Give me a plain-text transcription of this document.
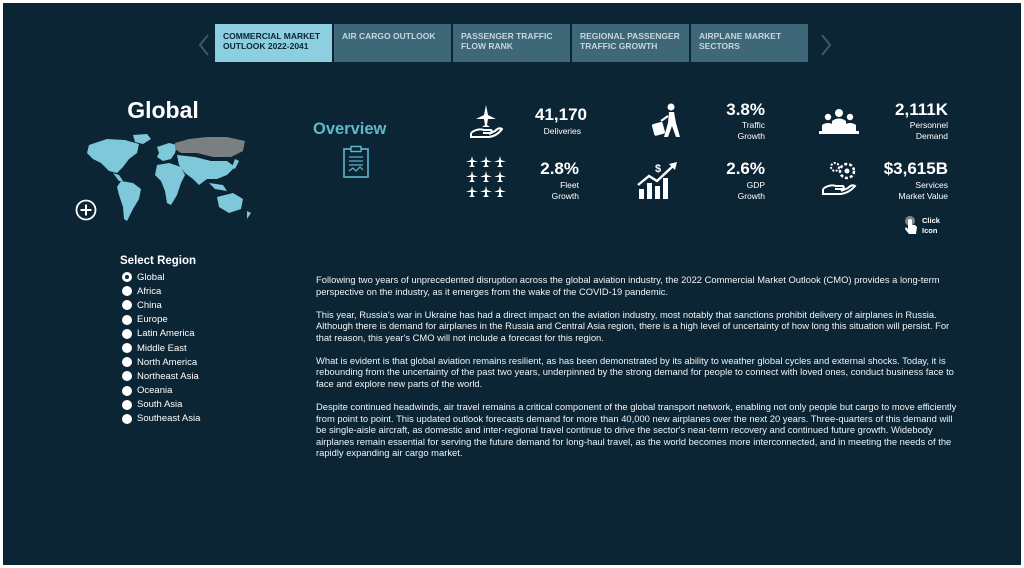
COMMERCIAL MARKET OUTLOOK 2022-2041
AIR CARGO OUTLOOK	PASSENGER TRAFFIC FLOW RANK
REGIONAL PASSENGER TRAFFIC GROWTH
AIRPLANE MARKET SECTORS
Global
Select Region
Global
Africa
China
Europe
Latin America
Middle East
North America
Northeast Asia
Oceania
South Asia
Southeast Asia
Overview
41,170
Deliveries
3.8%
Traffic
Growth
2,111K
Personnel
Demand
2.8%
Fleet
Growth
$	2.6%
GDP
Growth
$3,615B
Services
Market Value
Click
Icon

Following two years of unprecedented disruption across the global aviation industry, the 2022 Commercial Market Outlook (CMO) provides a long-term perspective on the industry, as it emerges from the wake of the COVID-19 pandemic.

This year, Russia's war in Ukraine has had a direct impact on the aviation industry, most notably that sanctions prohibit delivery of airplanes in Russia. Although there is demand for airplanes in the Russia and Central Asia region, there is a high level of uncertainty of how long this situation will persist. For that reason, this year's CMO will not include a forecast for this region.

What is evident is that global aviation remains resilient, as has been demonstrated by its ability to weather global cycles and external shocks. Today, it is rebounding from the uncertainty of the past two years, underpinned by the strong demand for people to connect with loved ones, conduct business face to face and explore new parts of the world.

Despite continued headwinds, air travel remains a critical component of the global transport network, enabling not only people but cargo to move efficiently from point to point. This updated outlook forecasts demand for more than 40,000 new airplanes over the next 20 years. Three-quarters of this demand will be single-aisle aircraft, as domestic and inter-regional travel continue to drive the sector's near-term recovery and continued future growth. Widebody airplanes remain essential for serving the future demand for long-haul travel, as the world becomes more interconnected, and in meeting the needs of the rapidly expanding air cargo market.
